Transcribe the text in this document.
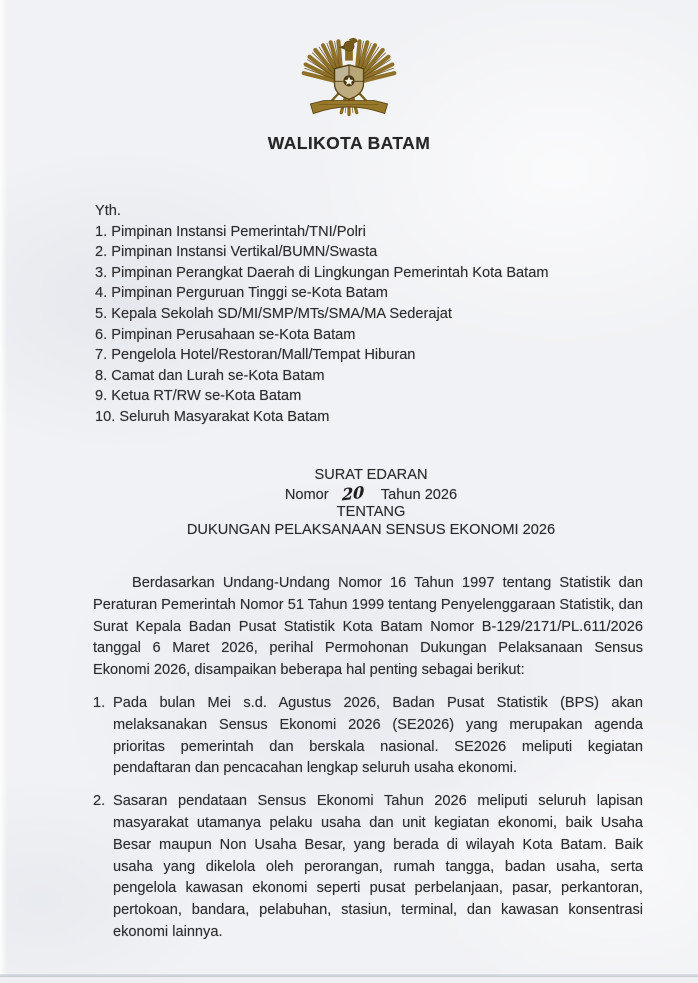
WALIKOTA BATAM
Yth.
1. Pimpinan Instansi Pemerintah/TNI/Polri
2. Pimpinan Instansi Vertikal/BUMN/Swasta
3. Pimpinan Perangkat Daerah di Lingkungan Pemerintah Kota Batam
4. Pimpinan Perguruan Tinggi se-Kota Batam
5. Kepala Sekolah SD/MI/SMP/MTs/SMA/MA Sederajat
6. Pimpinan Perusahaan se-Kota Batam
7. Pengelola Hotel/Restoran/Mall/Tempat Hiburan
8. Camat dan Lurah se-Kota Batam
9. Ketua RT/RW se-Kota Batam
10. Seluruh Masyarakat Kota Batam
SURAT EDARAN
Nomor 20 Tahun 2026
TENTANG
DUKUNGAN PELAKSANAAN SENSUS EKONOMI 2026

Berdasarkan Undang-Undang Nomor 16 Tahun 1997 tentang Statistik dan Peraturan Pemerintah Nomor 51 Tahun 1999 tentang Penyelenggaraan Statistik, dan Surat Kepala Badan Pusat Statistik Kota Batam Nomor B-129/2171/PL.611/2026 tanggal 6 Maret 2026, perihal Permohonan Dukungan Pelaksanaan Sensus Ekonomi 2026, disampaikan beberapa hal penting sebagai berikut:

1. Pada bulan Mei s.d. Agustus 2026, Badan Pusat Statistik (BPS) akan melaksanakan Sensus Ekonomi 2026 (SE2026) yang merupakan agenda prioritas pemerintah dan berskala nasional. SE2026 meliputi kegiatan pendaftaran dan pencacahan lengkap seluruh usaha ekonomi.
2. Sasaran pendataan Sensus Ekonomi Tahun 2026 meliputi seluruh lapisan masyarakat utamanya pelaku usaha dan unit kegiatan ekonomi, baik Usaha Besar maupun Non Usaha Besar, yang berada di wilayah Kota Batam. Baik usaha yang dikelola oleh perorangan, rumah tangga, badan usaha, serta pengelola kawasan ekonomi seperti pusat perbelanjaan, pasar, perkantoran, pertokoan, bandara, pelabuhan, stasiun, terminal, dan kawasan konsentrasi ekonomi lainnya.
